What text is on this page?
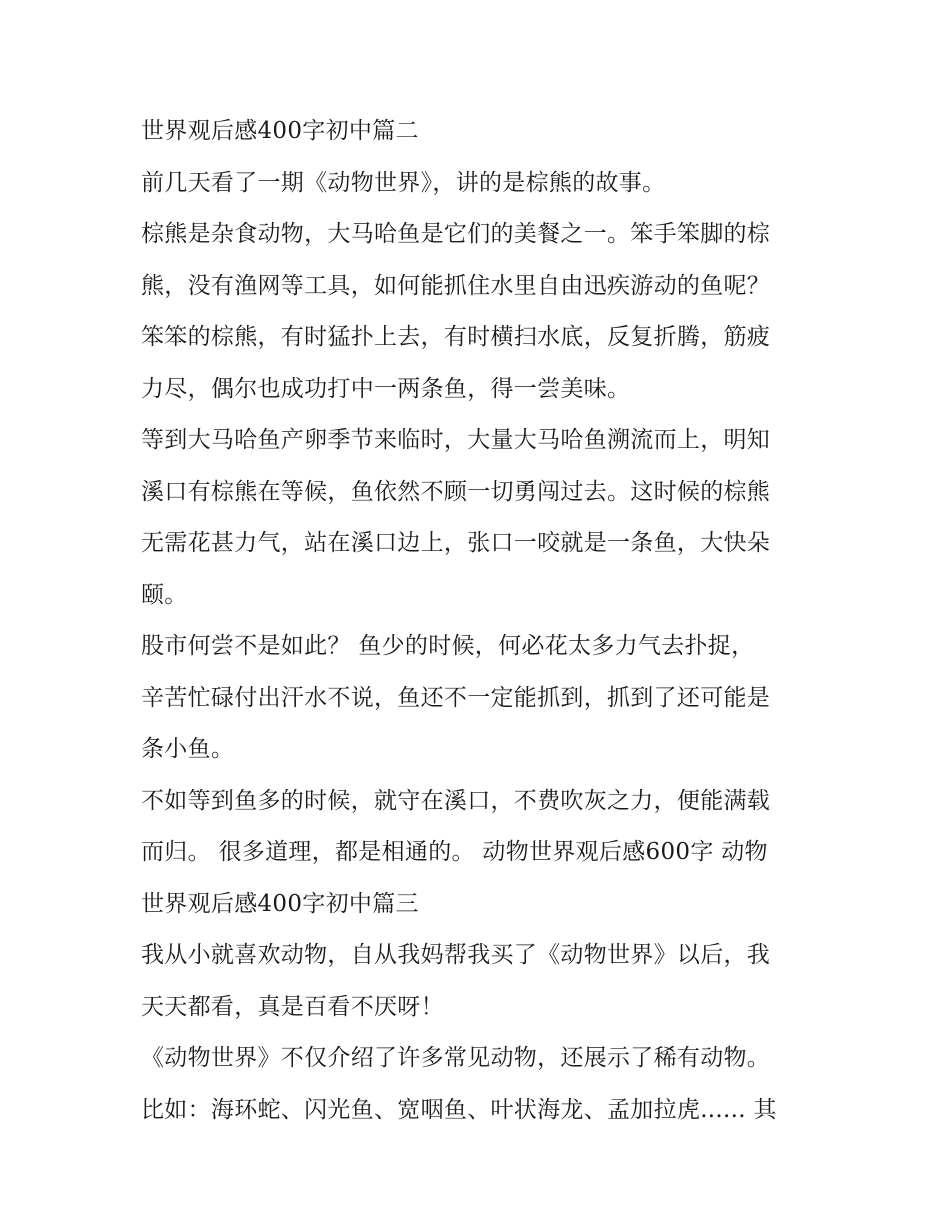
世界观后感400字初中篇二
前几天看了一期《动物世界》，讲的是棕熊的故事。
棕熊是杂食动物，大马哈鱼是它们的美餐之一。笨手笨脚的棕
熊，没有渔网等工具，如何能抓住水里自由迅疾游动的鱼呢？
笨笨的棕熊，有时猛扑上去，有时横扫水底，反复折腾，筋疲
力尽，偶尔也成功打中一两条鱼，得一尝美味。
等到大马哈鱼产卵季节来临时，大量大马哈鱼溯流而上，明知
溪口有棕熊在等候，鱼依然不顾一切勇闯过去。这时候的棕熊
无需花甚力气，站在溪口边上，张口一咬就是一条鱼，大快朵
颐。
股市何尝不是如此？ 鱼少的时候，何必花太多力气去扑捉，
辛苦忙碌付出汗水不说，鱼还不一定能抓到，抓到了还可能是
条小鱼。
不如等到鱼多的时候，就守在溪口，不费吹灰之力，便能满载
而归。 很多道理，都是相通的。 动物世界观后感600字 动物
世界观后感400字初中篇三
我从小就喜欢动物，自从我妈帮我买了《动物世界》以后，我
天天都看，真是百看不厌呀！
《动物世界》不仅介绍了许多常见动物，还展示了稀有动物。
比如：海环蛇、闪光鱼、宽咽鱼、叶状海龙、孟加拉虎...... 其
